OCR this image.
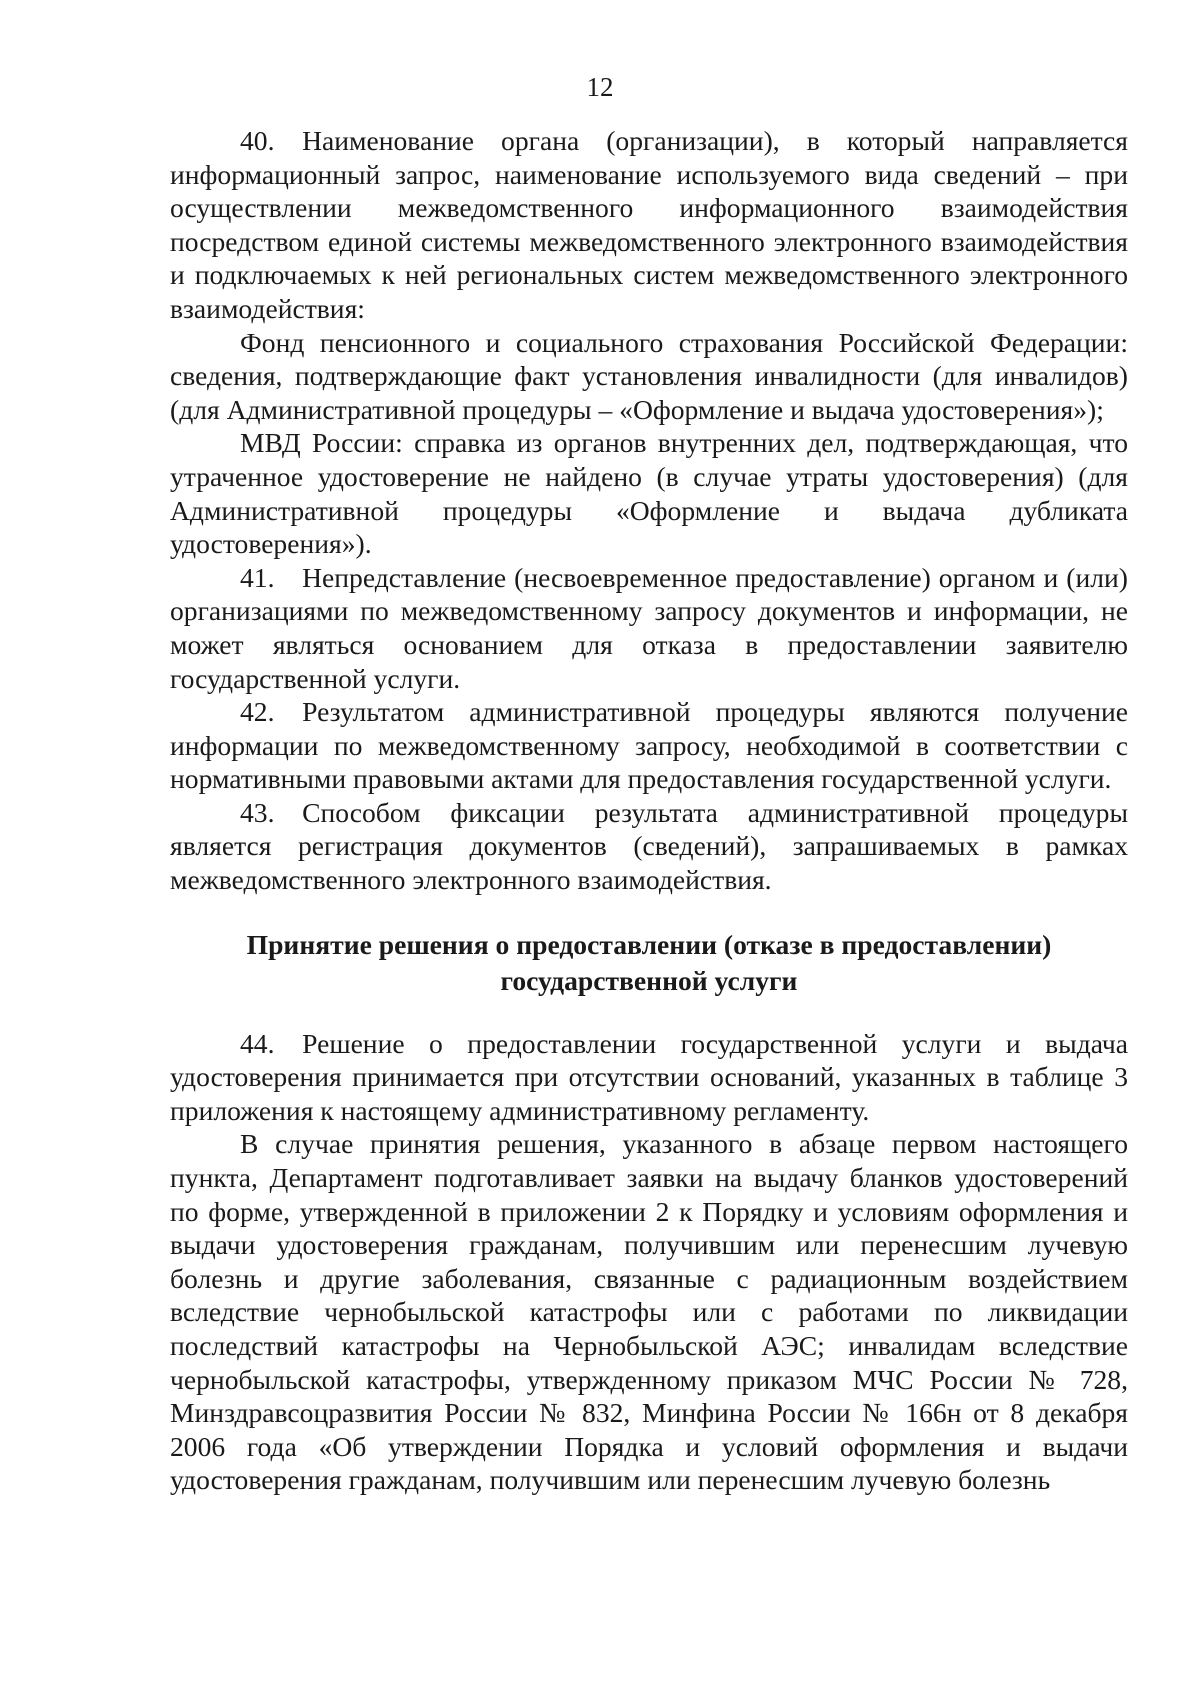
12

40. Наименование органа (организации), в который направляется информационный запрос, наименование используемого вида сведений – при осуществлении межведомственного информационного взаимодействия посредством единой системы межведомственного электронного взаимодействия и подключаемых к ней региональных систем межведомственного электронного взаимодействия:

Фонд пенсионного и социального страхования Российской Федерации: сведения, подтверждающие факт установления инвалидности (для инвалидов) (для Административной процедуры – «Оформление и выдача удостоверения»);

МВД России: справка из органов внутренних дел, подтверждающая, что утраченное удостоверение не найдено (в случае утраты удостоверения) (для Административной процедуры «Оформление и выдача дубликата удостоверения»).

41. Непредставление (несвоевременное предоставление) органом и (или) организациями по межведомственному запросу документов и информации, не может являться основанием для отказа в предоставлении заявителю государственной услуги.

42. Результатом административной процедуры являются получение информации по межведомственному запросу, необходимой в соответствии с нормативными правовыми актами для предоставления государственной услуги.

43. Способом фиксации результата административной процедуры является регистрация документов (сведений), запрашиваемых в рамках межведомственного электронного взаимодействия.

Принятие решения о предоставлении (отказе в предоставлении)
государственной услуги

44. Решение о предоставлении государственной услуги и выдача удостоверения принимается при отсутствии оснований, указанных в таблице 3 приложения к настоящему административному регламенту.

В случае принятия решения, указанного в абзаце первом настоящего пункта, Департамент подготавливает заявки на выдачу бланков удостоверений по форме, утвержденной в приложении 2 к Порядку и условиям оформления и выдачи удостоверения гражданам, получившим или перенесшим лучевую болезнь и другие заболевания, связанные с радиационным воздействием вследствие чернобыльской катастрофы или с работами по ликвидации последствий катастрофы на Чернобыльской АЭС; инвалидам вследствие чернобыльской катастрофы, утвержденному приказом МЧС России № 728, Минздравсоцразвития России № 832, Минфина России № 166н от 8 декабря 2006 года «Об утверждении Порядка и условий оформления и выдачи удостоверения гражданам, получившим или перенесшим лучевую болезнь
